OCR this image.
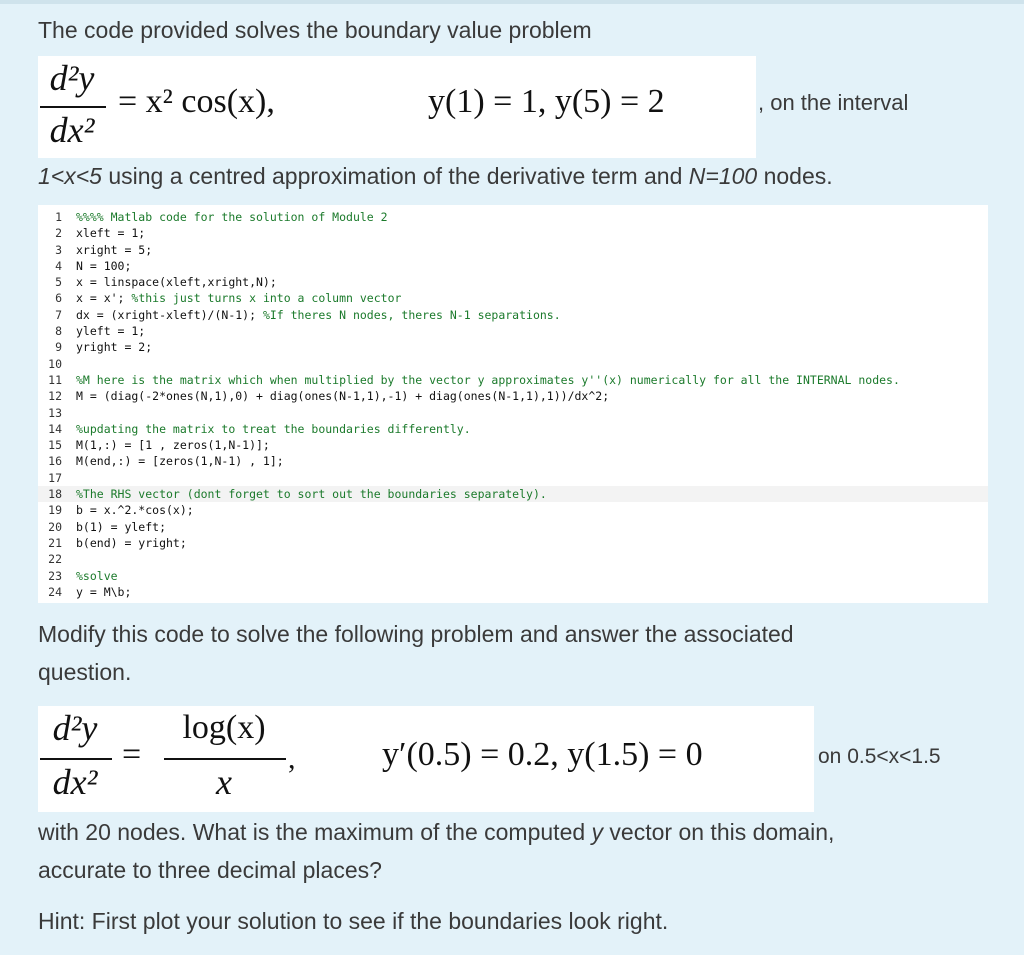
The code provided solves the boundary value problem
d²y
dx²
= x² cos(x),	y(1) = 1, y(5) = 2	, on the interval
1<x<5 using a centred approximation of the derivative term and N=100 nodes.
1	%%%% Matlab code for the solution of Module 2
2	xleft = 1;
3	xright = 5;
4	N = 100;
5	x = linspace(xleft,xright,N);
6	x = x'; %this just turns x into a column vector
7	dx = (xright-xleft)/(N-1); %If theres N nodes, theres N-1 separations.
8	yleft = 1;
9	yright = 2;
10
11	%M here is the matrix which when multiplied by the vector y approximates y''(x) numerically for all the INTERNAL nodes.
12	M = (diag(-2*ones(N,1),0) + diag(ones(N-1,1),-1) + diag(ones(N-1,1),1))/dx^2;
13
14	%updating the matrix to treat the boundaries differently.
15	M(1,:) = [1 , zeros(1,N-1)];
16	M(end,:) = [zeros(1,N-1) , 1];
17
18	%The RHS vector (dont forget to sort out the boundaries separately).
19	b = x.^2.*cos(x);
20	b(1) = yleft;
21	b(end) = yright;
22
23	%solve
24	y = M\b;
Modify this code to solve the following problem and answer the associated
question.
d²y
dx²
=
log(x)
x
,	y′(0.5) = 0.2, y(1.5) = 0	on 0.5<x<1.5
with 20 nodes. What is the maximum of the computed y vector on this domain,
accurate to three decimal places?
Hint: First plot your solution to see if the boundaries look right.
